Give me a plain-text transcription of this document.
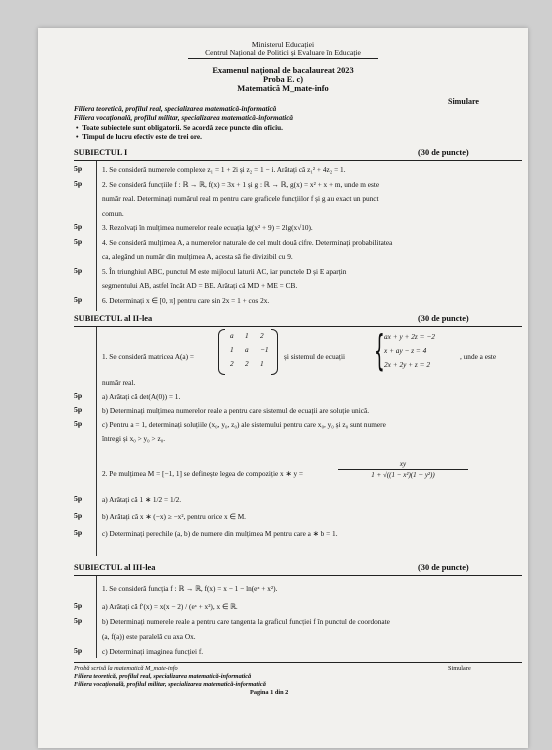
Ministerul Educației
Centrul Național de Politici și Evaluare în Educație
Examenul național de bacalaureat 2023
Proba E. c)
Matematică M_mate-info
Simulare
Filiera teoretică, profilul real, specializarea matematică-informatică
Filiera vocațională, profilul militar, specializarea matematică-informatică
•  Toate subiectele sunt obligatorii. Se acordă zece puncte din oficiu.
•  Timpul de lucru efectiv este de trei ore.
SUBIECTUL I	(30 de puncte)
SUBIECTUL al II-lea	(30 de puncte)
1. Se consideră matricea A(a) =
a 1 2
1 a −1
2 2 1
și sistemul de ecuații { ax + y + 2z = −2
x + ay − z = 4
2x + 2y + z = 2
, unde a este
număr real.
2. Pe mulțimea M = [−1, 1] se definește legea de compoziție x ∗ y =
xy
1 + √((1 − x²)(1 − y²))
SUBIECTUL al III-lea	(30 de puncte)
1. Se consideră funcția f : ℝ → ℝ, f(x) = x − 1 − ln(eˣ + x²).
Probă scrisă la matematică M_mate-info	Simulare
Filiera teoretică, profilul real, specializarea matematică-informatică
Filiera vocațională, profilul militar, specializarea matematică-informatică
Pagina 1 din 2
5p	1. Se consideră numerele complexe z₁ = 1 + 2i și z₂ = 1 − i. Arătați că z₁² + 4z₂ = 1.
5p	2. Se consideră funcțiile f : ℝ → ℝ, f(x) = 3x + 1 și g : ℝ → ℝ, g(x) = x² + x + m, unde m este
număr real. Determinați numărul real m pentru care graficele funcțiilor f și g au exact un punct
comun.
5p	3. Rezolvați în mulțimea numerelor reale ecuația lg(x² + 9) = 2lg(x√10).
5p	4. Se consideră mulțimea A, a numerelor naturale de cel mult două cifre. Determinați probabilitatea
ca, alegând un număr din mulțimea A, acesta să fie divizibil cu 9.
5p	5. În triunghiul ABC, punctul M este mijlocul laturii AC, iar punctele D și E aparțin
segmentului AB, astfel încât AD = BE. Arătați că MD + ME = CB.
5p	6. Determinați x ∈ [0, π] pentru care sin 2x = 1 + cos 2x.
5p	a) Arătați că det(A(0)) = 1.
5p	b) Determinați mulțimea numerelor reale a pentru care sistemul de ecuații are soluție unică.
5p	c) Pentru a = 1, determinați soluțiile (x₀, y₀, z₀) ale sistemului pentru care x₀, y₀ și z₀ sunt numere
întregi și x₀ > y₀ > z₀.
5p	a) Arătați că 1 ∗ 1/2 = 1/2.
5p	b) Arătați că x ∗ (−x) ≥ −x², pentru orice x ∈ M.
5p	c) Determinați perechile (a, b) de numere din mulțimea M pentru care a ∗ b = 1.
5p	a) Arătați că f′(x) = x(x − 2) / (eˣ + x²), x ∈ ℝ.
5p	b) Determinați numerele reale a pentru care tangenta la graficul funcției f în punctul de coordonate
(a, f(a)) este paralelă cu axa Ox.
5p	c) Determinați imaginea funcției f.
